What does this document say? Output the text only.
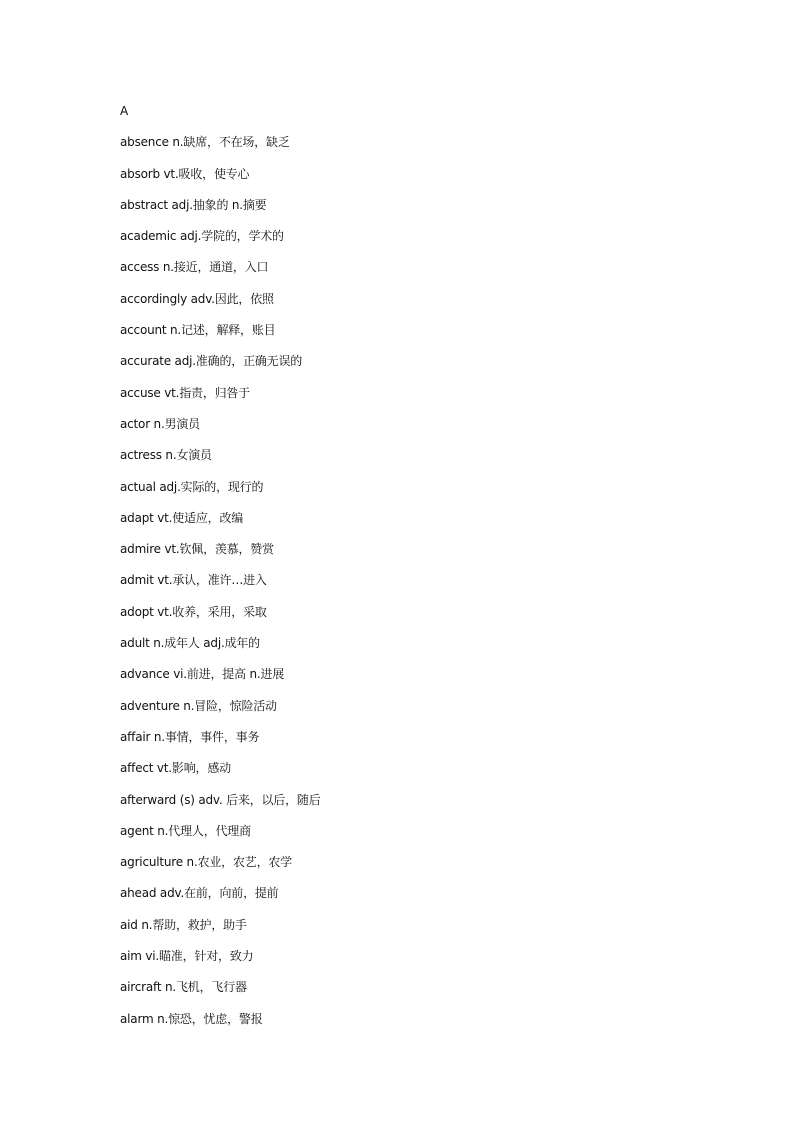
A
absence n.缺席，不在场，缺乏
absorb vt.吸收，使专心
abstract adj.抽象的 n.摘要
academic adj.学院的，学术的
access n.接近，通道，入口
accordingly adv.因此，依照
account n.记述，解释，账目
accurate adj.准确的，正确无误的
accuse vt.指责，归咎于
actor n.男演员
actress n.女演员
actual adj.实际的，现行的
adapt vt.使适应，改编
admire vt.钦佩，羡慕，赞赏
admit vt.承认，准许…进入
adopt vt.收养，采用，采取
adult n.成年人 adj.成年的
advance vi.前进，提高 n.进展
adventure n.冒险，惊险活动
affair n.事情，事件，事务
affect vt.影响，感动
afterward (s) adv. 后来，以后，随后
agent n.代理人，代理商
agriculture n.农业，农艺，农学
ahead adv.在前，向前，提前
aid n.帮助，救护，助手
aim vi.瞄准，针对，致力
aircraft n.飞机，飞行器
alarm n.惊恐，忧虑，警报
